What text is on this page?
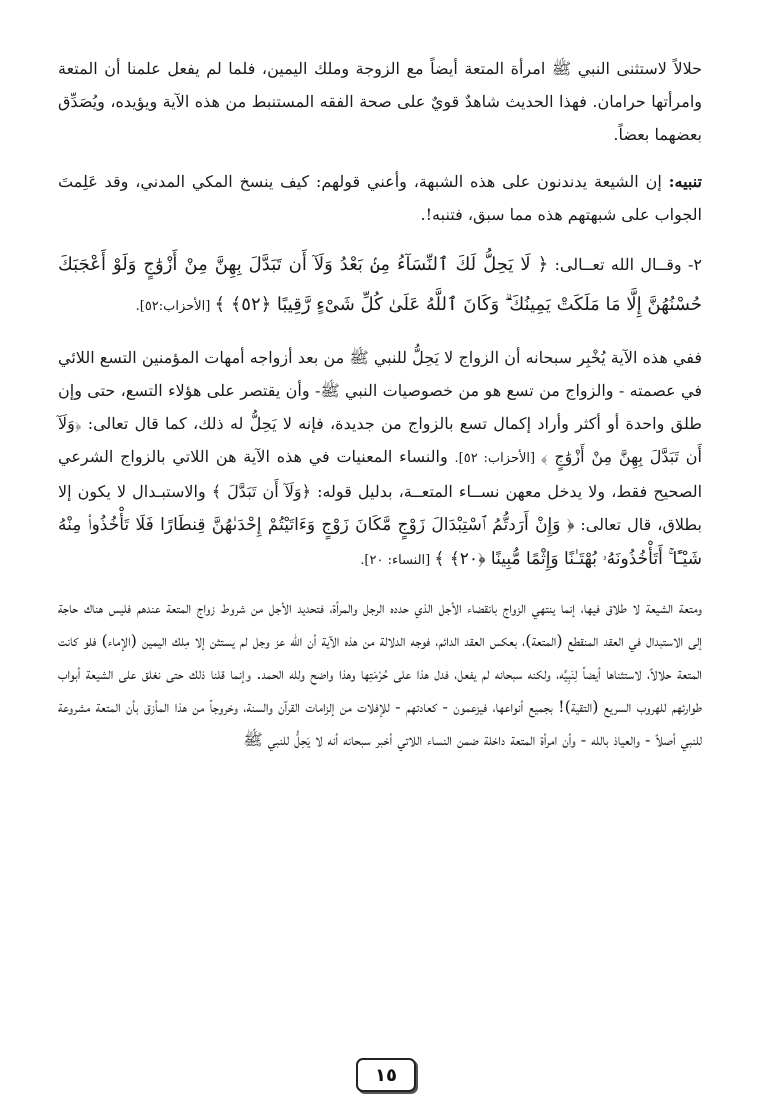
حلالاً لاستثنى النبي ﷺ امرأة المتعة أيضاً مع الزوجة وملك اليمين، فلما لم يفعل علمنا أن المتعة وامرأتها حرامان. فهذا الحديث شاهدٌ قويٌ على صحة الفقه المستنبط من هذه الآية ويؤيده، ويُصَدِّق بعضهما بعضاً.

تنبيه: إن الشيعة يدندنون على هذه الشبهة، وأعني قولهم: كيف ينسخ المكي المدني، وقد عَلِمتَ الجواب على شبهتهم هذه مما سبق، فتنبه!.

٢- وقــال الله تعــالى: ﴿ لَا يَحِلُّ لَكَ ٱلنِّسَآءُ مِنۢ بَعْدُ وَلَآ أَن تَبَدَّلَ بِهِنَّ مِنْ أَزْوَٰجٍ وَلَوْ أَعْجَبَكَ حُسْنُهُنَّ إِلَّا مَا مَلَكَتْ يَمِينُكَ ۗ وَكَانَ ٱللَّهُ عَلَىٰ كُلِّ شَىْءٍ رَّقِيبًا ﴿٥٢﴾ ﴾ [الأحزاب:٥٢].

ففي هذه الآية يُخْبِر سبحانه أن الزواج لا يَحِلُّ للنبي ﷺ من بعد أزواجه أمهات المؤمنين التسع اللائي في عصمته - والزواج من تسع هو من خصوصيات النبي ﷺ- وأن يقتصر على هؤلاء التسع، حتى وإن طلق واحدة أو أكثر وأراد إكمال تسع بالزواج من جديدة، فإنه لا يَحِلُّ له ذلك، كما قال تعالى: ﴿وَلَآ أَن تَبَدَّلَ بِهِنَّ مِنْ أَزْوَٰجٍ ﴾ [الأحزاب: ٥٢]. والنساء المعنيات في هذه الآية هن اللاتي بالزواج الشرعي الصحيح فقط، ولا يدخل معهن نســاء المتعــة، بدليل قوله: ﴿وَلَآ أَن تَبَدَّلَ ﴾ والاستبـدال لا يكون إلا بطلاق، قال تعالى: ﴿ وَإِنْ أَرَدتُّمُ ٱسْتِبْدَالَ زَوْجٍ مَّكَانَ زَوْجٍ وَءَاتَيْتُمْ إِحْدَىٰهُنَّ قِنطَارًا فَلَا تَأْخُذُوا۟ مِنْهُ شَيْـًٔا ۚ أَتَأْخُذُونَهُۥ بُهْتَـٰنًا وَإِثْمًا مُّبِينًا ﴿٢٠﴾ ﴾ [النساء: ٢٠].

ومتعة الشيعة لا طلاق فيها، إنما ينتهي الزواج بانقضاء الأجل الذي حدده الرجل والمرأة، فتحديد الأجل من شروط زواج المتعة عندهم فليس هناك حاجة إلى الاستبدال في العقد المنقطع (المتعة)، بعكس العقد الدائم، فوجه الدلالة من هذه الآية أن الله عز وجل لم يستثن إلا مِلك اليمين (الإماء) فلو كانت المتعة حلالاً، لاستثناها أيضاً لِنَبِيِّه، ولكنه سبحانه لم يفعل، فدل هذا على حُرْمَتِها وهذا واضح ولله الحمد. وإنما قلنا ذلك حتى نغلق على الشيعة أبواب طوارئهم للهروب السريع (التقية)! بجميع أنواعها، فيزعمون - كعادتهم - للإفلات من إلزامات القرآن والسنة، وخروجاً من هذا المأزق بأن المتعة مشروعة للنبي أصلاً - والعياذ بالله - وأن امرأة المتعة داخلة ضمن النساء اللاتي أخبر سبحانه أنه لا يَحِلُّ للنبي ﷺ

١٥
